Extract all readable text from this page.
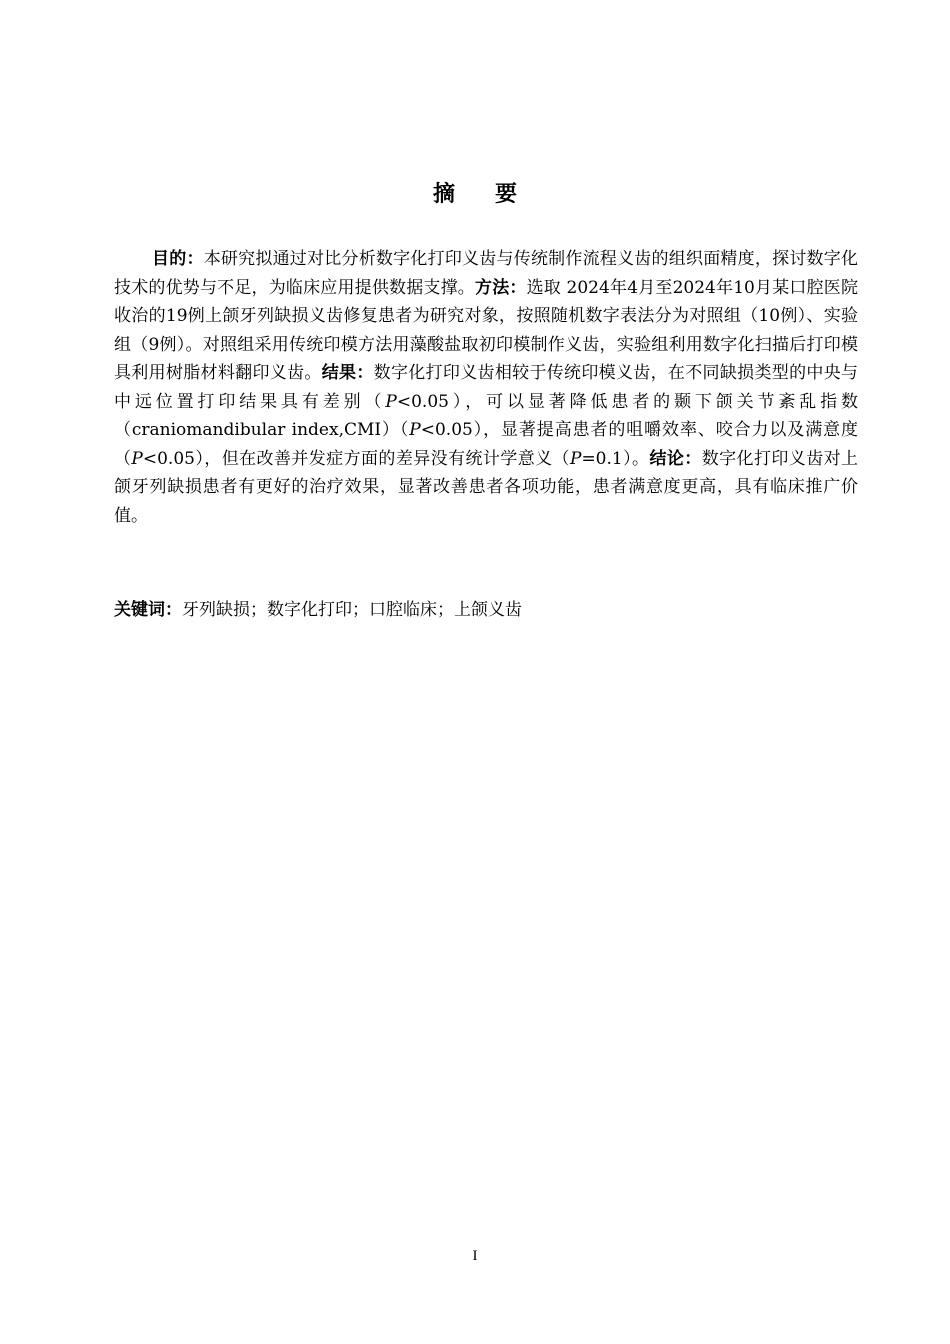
摘要

目的：本研究拟通过对比分析数字化打印义齿与传统制作流程义齿的组织面精度，探讨数字化技术的优势与不足，为临床应用提供数据支撑。方法：选取 2024年4月至2024年10月某口腔医院收治的19例上颌牙列缺损义齿修复患者为研究对象，按照随机数字表法分为对照组（10例）、实验组（9例）。对照组采用传统印模方法用藻酸盐取初印模制作义齿，实验组利用数字化扫描后打印模具利用树脂材料翻印义齿。结果：数字化打印义齿相较于传统印模义齿，在不同缺损类型的中央与中远位置打印结果具有差别（P<0.05），可以显著降低患者的颞下颌关节紊乱指数（craniomandibular index,CMI）（P<0.05），显著提高患者的咀嚼效率、咬合力以及满意度（P<0.05），但在改善并发症方面的差异没有统计学意义（P=0.1）。结论：数字化打印义齿对上颌牙列缺损患者有更好的治疗效果，显著改善患者各项功能，患者满意度更高，具有临床推广价值。

关键词：牙列缺损；数字化打印；口腔临床；上颌义齿

I
